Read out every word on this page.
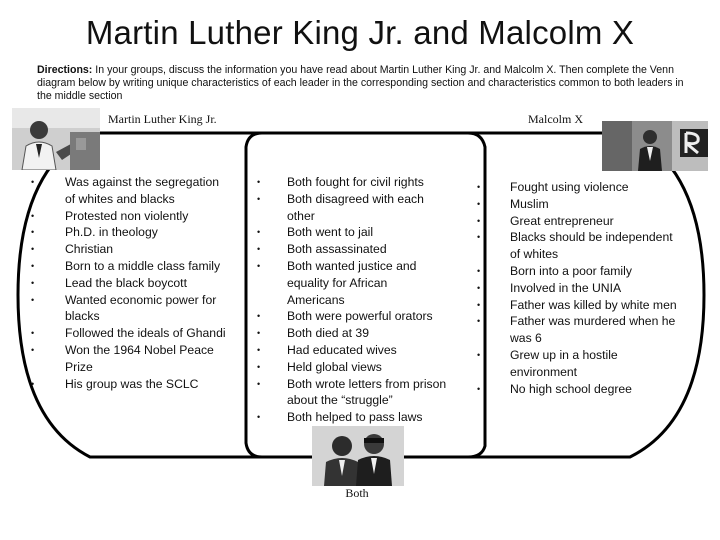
Martin Luther King Jr. and Malcolm X
Directions: In your groups, discuss the information you have read about Martin Luther King Jr. and Malcolm X. Then complete the Venn diagram below by writing unique characteristics of each leader in the corresponding section and characteristics common to both leaders in the middle section
Martin Luther King Jr.	Malcolm X
• Was against the segregation of whites and blacks
• Protested non violently
• Ph.D. in theology
• Christian
• Born to a middle class family
• Lead the black boycott
• Wanted economic power for blacks
• Followed the ideals of Ghandi
• Won the 1964 Nobel Peace Prize
• His group was the SCLC
• Both fought for civil rights
• Both disagreed with each other
• Both went to jail
• Both assassinated
• Both wanted justice and equality for African Americans
• Both were powerful orators
• Both died at 39
• Had educated wives
• Held global views
• Both wrote letters from prison about the “struggle”
• Both helped to pass laws
• Fought using violence
• Muslim
• Great entrepreneur
• Blacks should be independent of whites
• Born into a poor family
• Involved in the UNIA
• Father was killed by white men
• Father was murdered when he was 6
• Grew up in a hostile environment
• No high school degree
Both
